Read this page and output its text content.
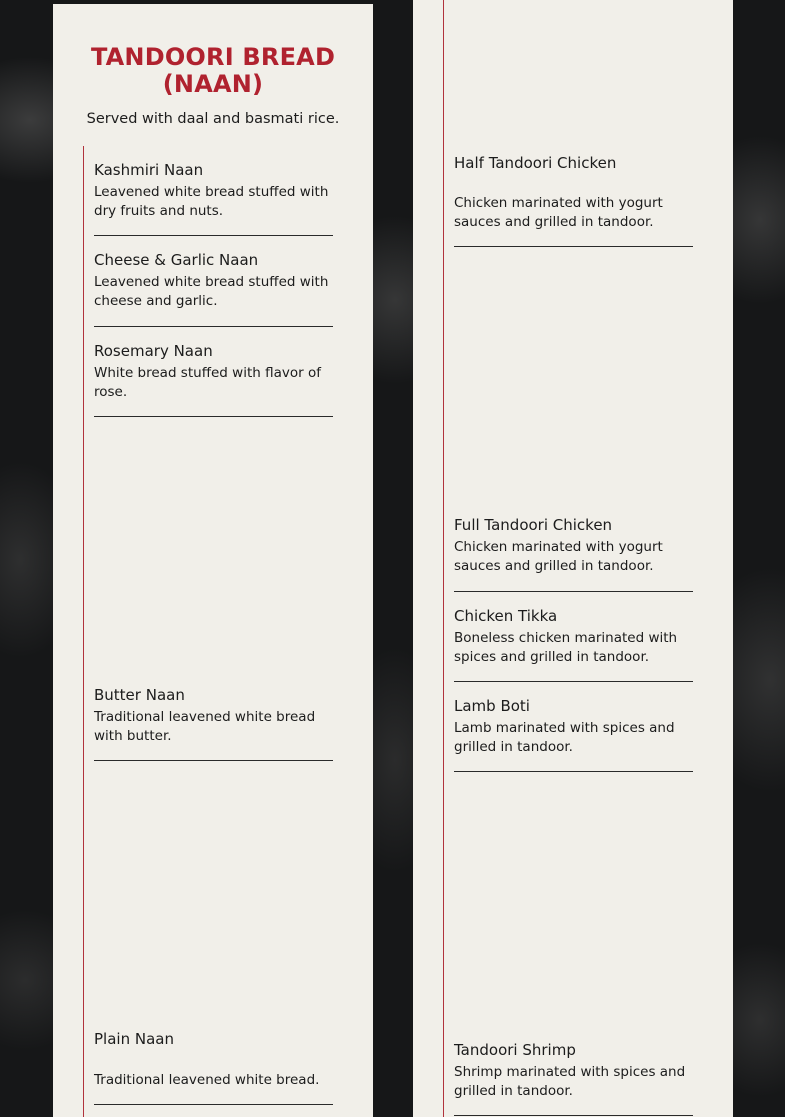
TANDOORI BREAD (NAAN)

Served with daal and basmati rice.

Kashmiri Naan
Leavened white bread stuffed with dry fruits and nuts.
Cheese & Garlic Naan
Leavened white bread stuffed with cheese and garlic.
Rosemary Naan
White bread stuffed with flavor of rose.
Butter Naan
Traditional leavened white bread with butter.
Plain Naan
Traditional leavened white bread.
Half Tandoori Chicken
Chicken marinated with yogurt sauces and grilled in tandoor.
Full Tandoori Chicken
Chicken marinated with yogurt sauces and grilled in tandoor.
Chicken Tikka
Boneless chicken marinated with spices and grilled in tandoor.
Lamb Boti
Lamb marinated with spices and grilled in tandoor.
Tandoori Shrimp
Shrimp marinated with spices and grilled in tandoor.
